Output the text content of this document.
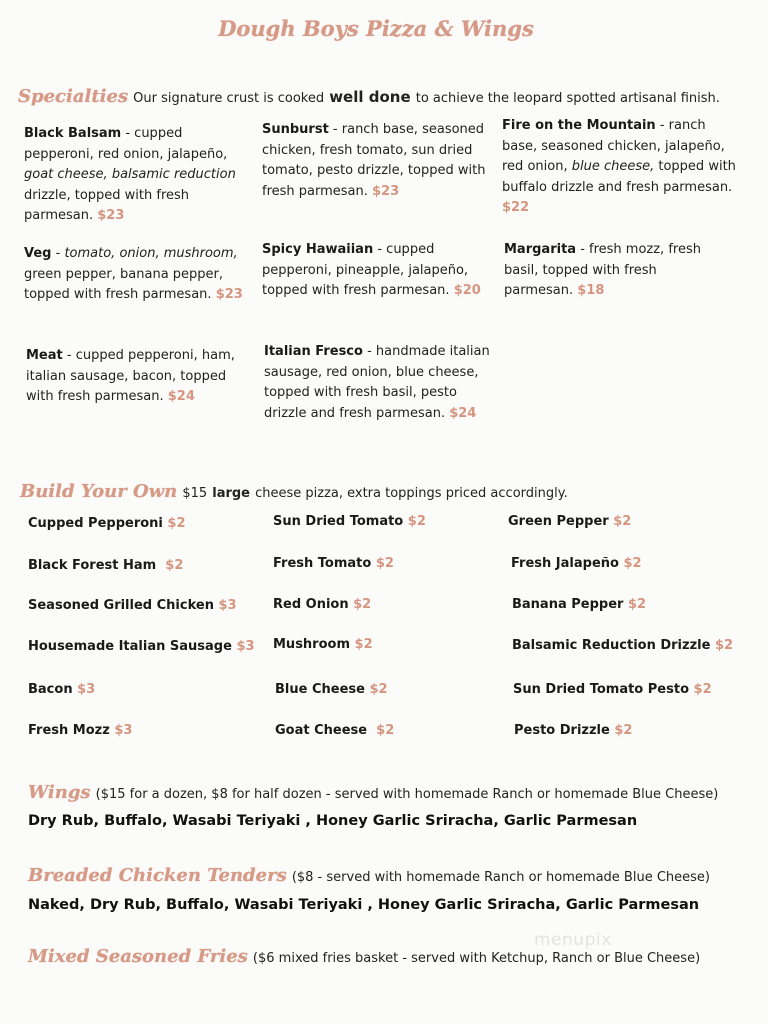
Dough Boys Pizza & Wings
Specialties Our signature crust is cooked well done to achieve the leopard spotted artisanal finish.
Black Balsam - cupped pepperoni, red onion, jalapeño, goat cheese, balsamic reduction drizzle, topped with fresh parmesan. $23
Sunburst - ranch base, seasoned chicken, fresh tomato, sun dried tomato, pesto drizzle, topped with fresh parmesan. $23
Fire on the Mountain - ranch base, seasoned chicken, jalapeño, red onion, blue cheese, topped with buffalo drizzle and fresh parmesan. $22
Veg - tomato, onion, mushroom, green pepper, banana pepper, topped with fresh parmesan. $23
Spicy Hawaiian - cupped pepperoni, pineapple, jalapeño, topped with fresh parmesan. $20
Margarita - fresh mozz, fresh basil, topped with fresh parmesan. $18
Meat - cupped pepperoni, ham, italian sausage, bacon, topped with fresh parmesan. $24
Italian Fresco - handmade italian sausage, red onion, blue cheese, topped with fresh basil, pesto drizzle and fresh parmesan. $24
Build Your Own $15 large cheese pizza, extra toppings priced accordingly.
Cupped Pepperoni $2	Sun Dried Tomato $2	Green Pepper $2
Black Forest Ham $2	Fresh Tomato $2	Fresh Jalapeño $2
Seasoned Grilled Chicken $3	Red Onion $2	Banana Pepper $2
Housemade Italian Sausage $3 Mushroom $2	Balsamic Reduction Drizzle $2
Bacon $3	Blue Cheese $2	Sun Dried Tomato Pesto $2
Fresh Mozz $3	Goat Cheese $2	Pesto Drizzle $2
Wings ($15 for a dozen, $8 for half dozen - served with homemade Ranch or homemade Blue Cheese)
Dry Rub, Buffalo, Wasabi Teriyaki , Honey Garlic Sriracha, Garlic Parmesan
Breaded Chicken Tenders ($8 - served with homemade Ranch or homemade Blue Cheese)
Naked, Dry Rub, Buffalo, Wasabi Teriyaki , Honey Garlic Sriracha, Garlic Parmesan
Mixed Seasoned Fries ($6 mixed fries basket - served with Ketchup, Ranch or Blue Cheese)
menupix
